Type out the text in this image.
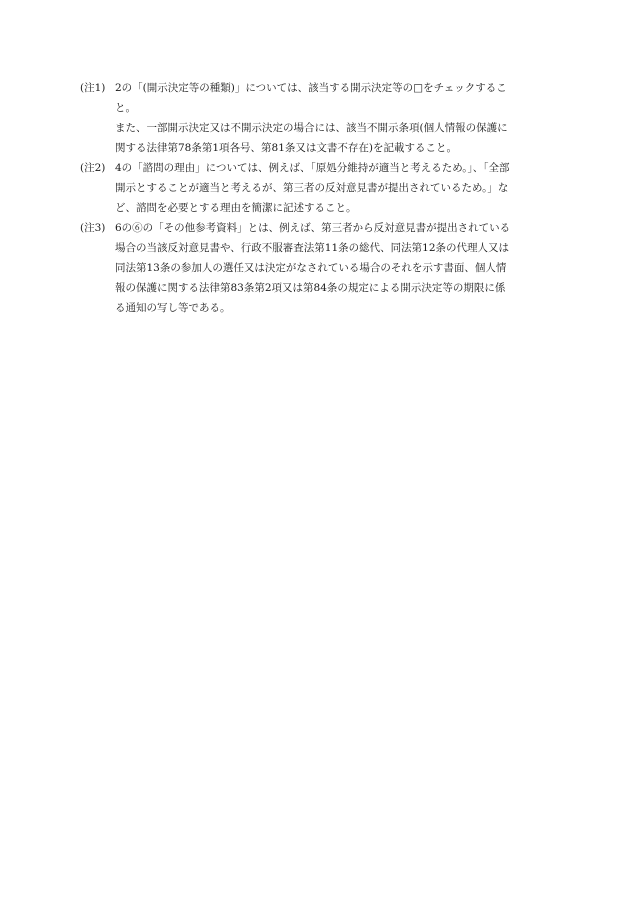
(注1) 2の「(開示決定等の種類)」については、該当する開示決定等の□をチェックするこ
と。
また、一部開示決定又は不開示決定の場合には、該当不開示条項(個人情報の保護に
関する法律第78条第1項各号、第81条又は文書不存在)を記載すること。
(注2) 4の「諮問の理由」については、例えば、「原処分維持が適当と考えるため。」、「全部
開示とすることが適当と考えるが、第三者の反対意見書が提出されているため。」な
ど、諮問を必要とする理由を簡潔に記述すること。
(注3) 6の⑥の「その他参考資料」とは、例えば、第三者から反対意見書が提出されている
場合の当該反対意見書や、行政不服審査法第11条の総代、同法第12条の代理人又は
同法第13条の参加人の選任又は決定がなされている場合のそれを示す書面、個人情
報の保護に関する法律第83条第2項又は第84条の規定による開示決定等の期限に係
る通知の写し等である。
